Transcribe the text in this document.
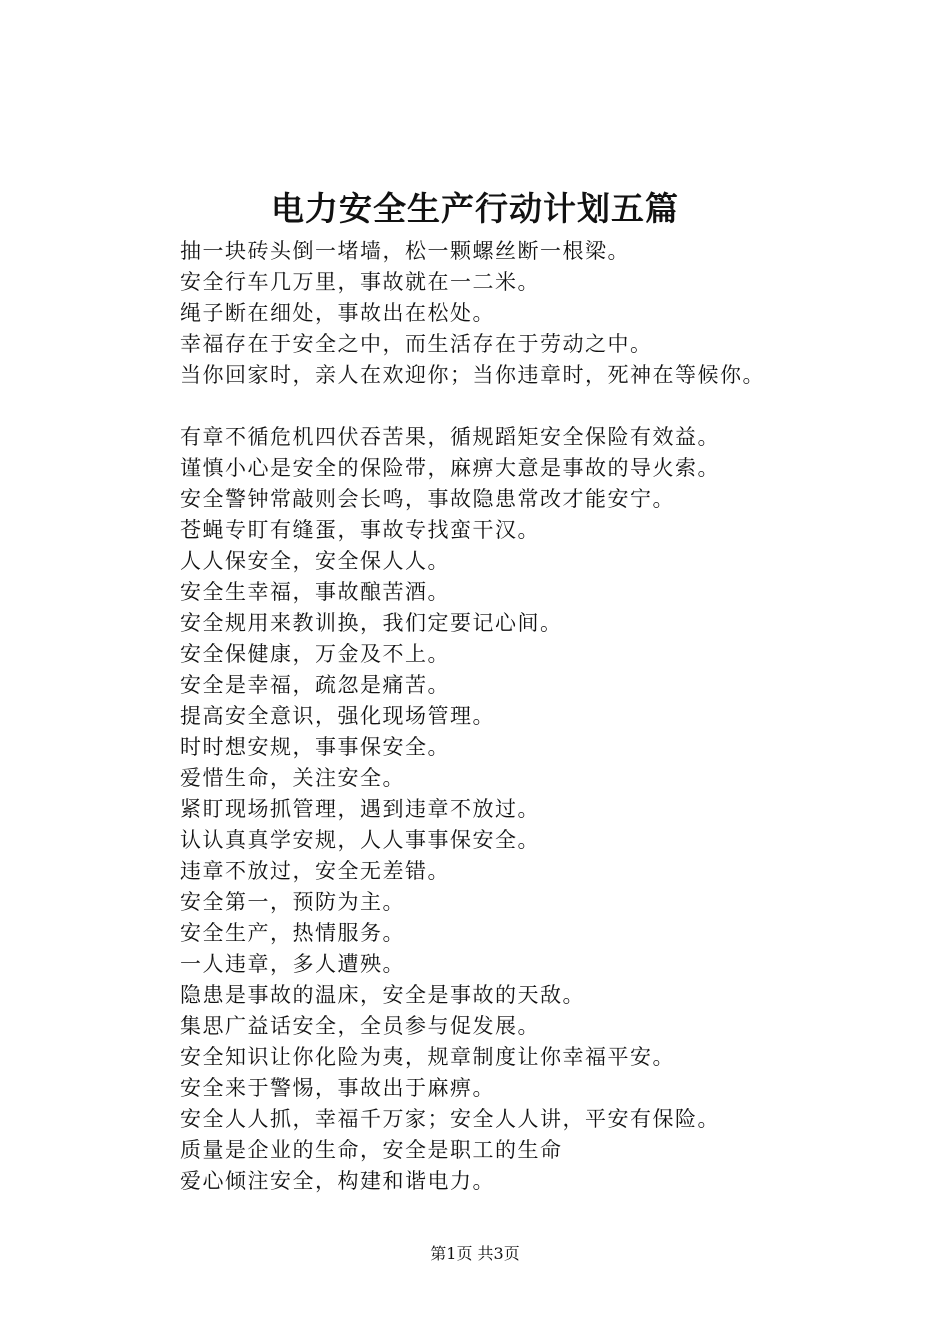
电力安全生产行动计划五篇
抽一块砖头倒一堵墙，松一颗螺丝断一根梁。
安全行车几万里，事故就在一二米。
绳子断在细处，事故出在松处。
幸福存在于安全之中，而生活存在于劳动之中。
当你回家时，亲人在欢迎你；当你违章时，死神在等候你。
有章不循危机四伏吞苦果，循规蹈矩安全保险有效益。
谨慎小心是安全的保险带，麻痹大意是事故的导火索。
安全警钟常敲则会长鸣，事故隐患常改才能安宁。
苍蝇专盯有缝蛋，事故专找蛮干汉。
人人保安全，安全保人人。
安全生幸福，事故酿苦酒。
安全规用来教训换，我们定要记心间。
安全保健康，万金及不上。
安全是幸福，疏忽是痛苦。
提高安全意识，强化现场管理。
时时想安规，事事保安全。
爱惜生命，关注安全。
紧盯现场抓管理，遇到违章不放过。
认认真真学安规，人人事事保安全。
违章不放过，安全无差错。
安全第一，预防为主。
安全生产，热情服务。
一人违章，多人遭殃。
隐患是事故的温床，安全是事故的天敌。
集思广益话安全，全员参与促发展。
安全知识让你化险为夷，规章制度让你幸福平安。
安全来于警惕，事故出于麻痹。
安全人人抓，幸福千万家；安全人人讲，平安有保险。
质量是企业的生命，安全是职工的生命
爱心倾注安全，构建和谐电力。
第1页 共3页
